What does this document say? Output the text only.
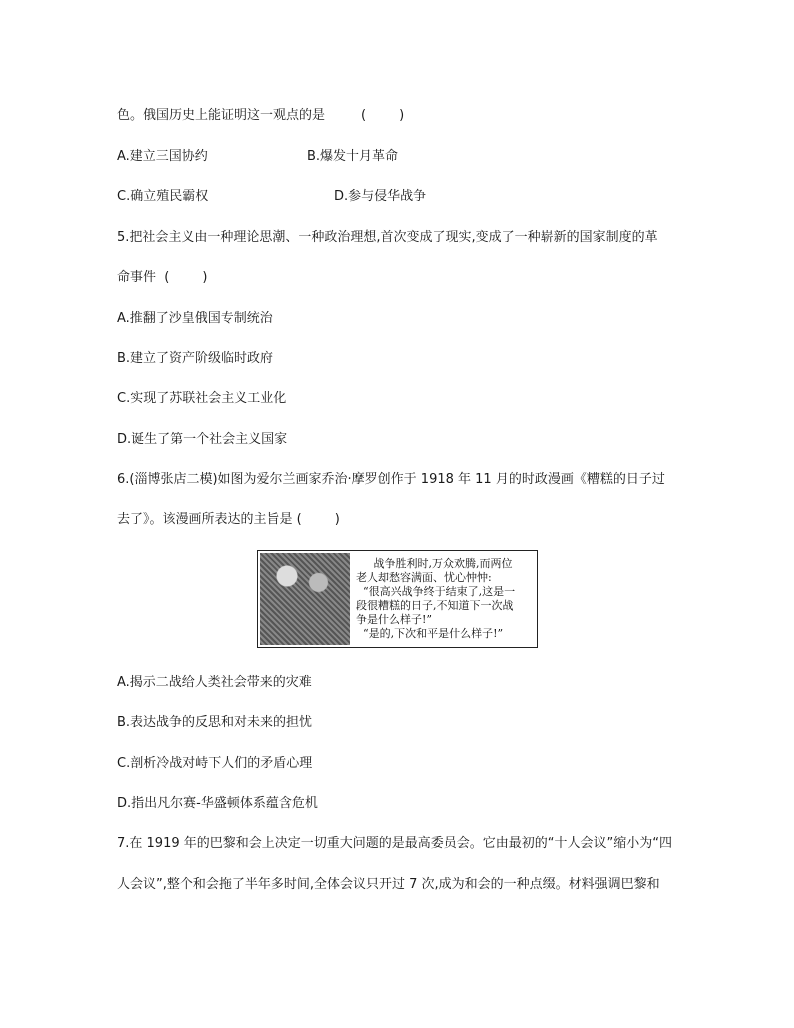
色。俄国历史上能证明这一观点的是	(        )
A.建立三国协约	B.爆发十月革命
C.确立殖民霸权	D.参与侵华战争
5.把社会主义由一种理论思潮、一种政治理想,首次变成了现实,变成了一种崭新的国家制度的革
命事件  (        )
A.推翻了沙皇俄国专制统治
B.建立了资产阶级临时政府
C.实现了苏联社会主义工业化
D.诞生了第一个社会主义国家
6.(淄博张店二模)如图为爱尔兰画家乔治·摩罗创作于 1918 年 11 月的时政漫画《糟糕的日子过
去了》。该漫画所表达的主旨是 (        )
战争胜利时,万众欢腾,而两位
老人却愁容满面、忧心忡忡:
“很高兴战争终于结束了,这是一
段很糟糕的日子,不知道下一次战
争是什么样子!”
“是的,下次和平是什么样子!”
A.揭示二战给人类社会带来的灾难
B.表达战争的反思和对未来的担忧
C.剖析冷战对峙下人们的矛盾心理
D.指出凡尔赛-华盛顿体系蕴含危机
7.在 1919 年的巴黎和会上决定一切重大问题的是最高委员会。它由最初的“十人会议”缩小为“四
人会议”,整个和会拖了半年多时间,全体会议只开过 7 次,成为和会的一种点缀。材料强调巴黎和
